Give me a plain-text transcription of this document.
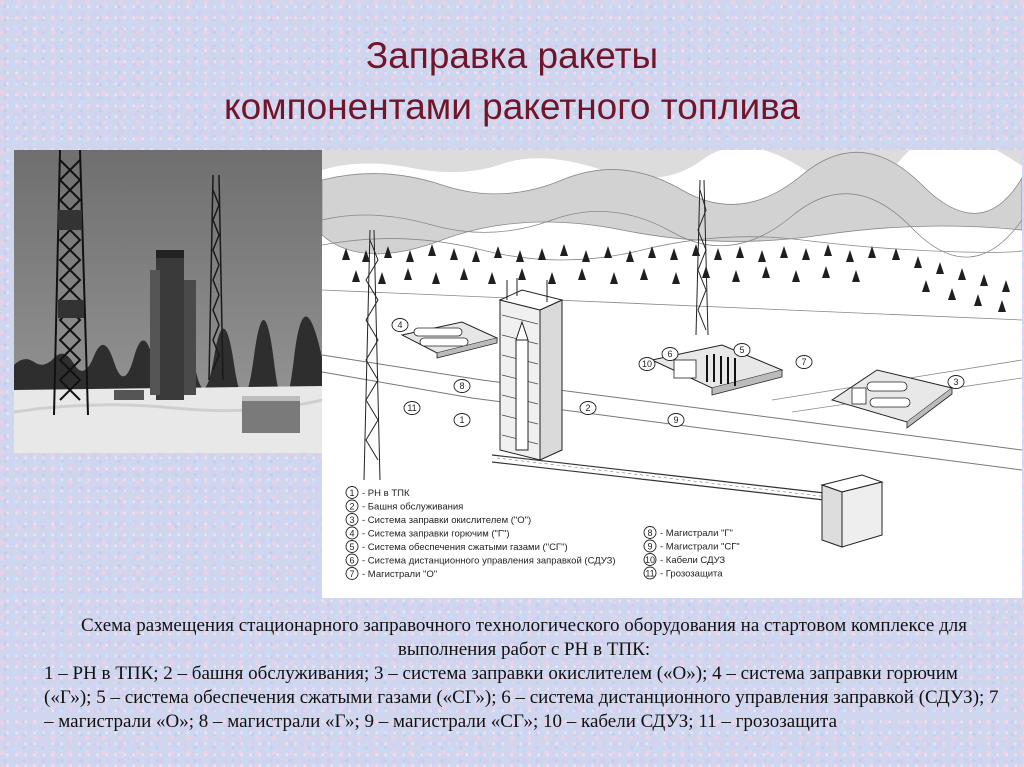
Заправка ракеты
компонентами ракетного топлива
1
2
3
4
5
6
7
8
9
10
11
1 - РН в ТПК
2 - Башня обслуживания
3 - Система заправки окислителем ("О")
4 - Система заправки горючим ("Г")
5 - Система обеспечения сжатыми газами ("СГ")
6 - Система дистанционного управления заправкой (СДУЗ)
7 - Магистрали "О"
8 - Магистрали "Г"
9 - Магистрали "СГ"
10 - Кабели СДУЗ
11 - Грозозащита
Схема размещения стационарного заправочного технологического оборудования на стартовом комплексе для выполнения работ с РН в ТПК:
1 – РН в ТПК; 2 – башня обслуживания; 3 – система заправки окислителем («О»); 4 – система заправки горючим («Г»); 5 – система обеспечения сжатыми газами («СГ»); 6 – система дистанционного управления заправкой (СДУЗ); 7 – магистрали «О»; 8 – магистрали «Г»; 9 – магистрали «СГ»; 10 – кабели СДУЗ; 11 – грозозащита
